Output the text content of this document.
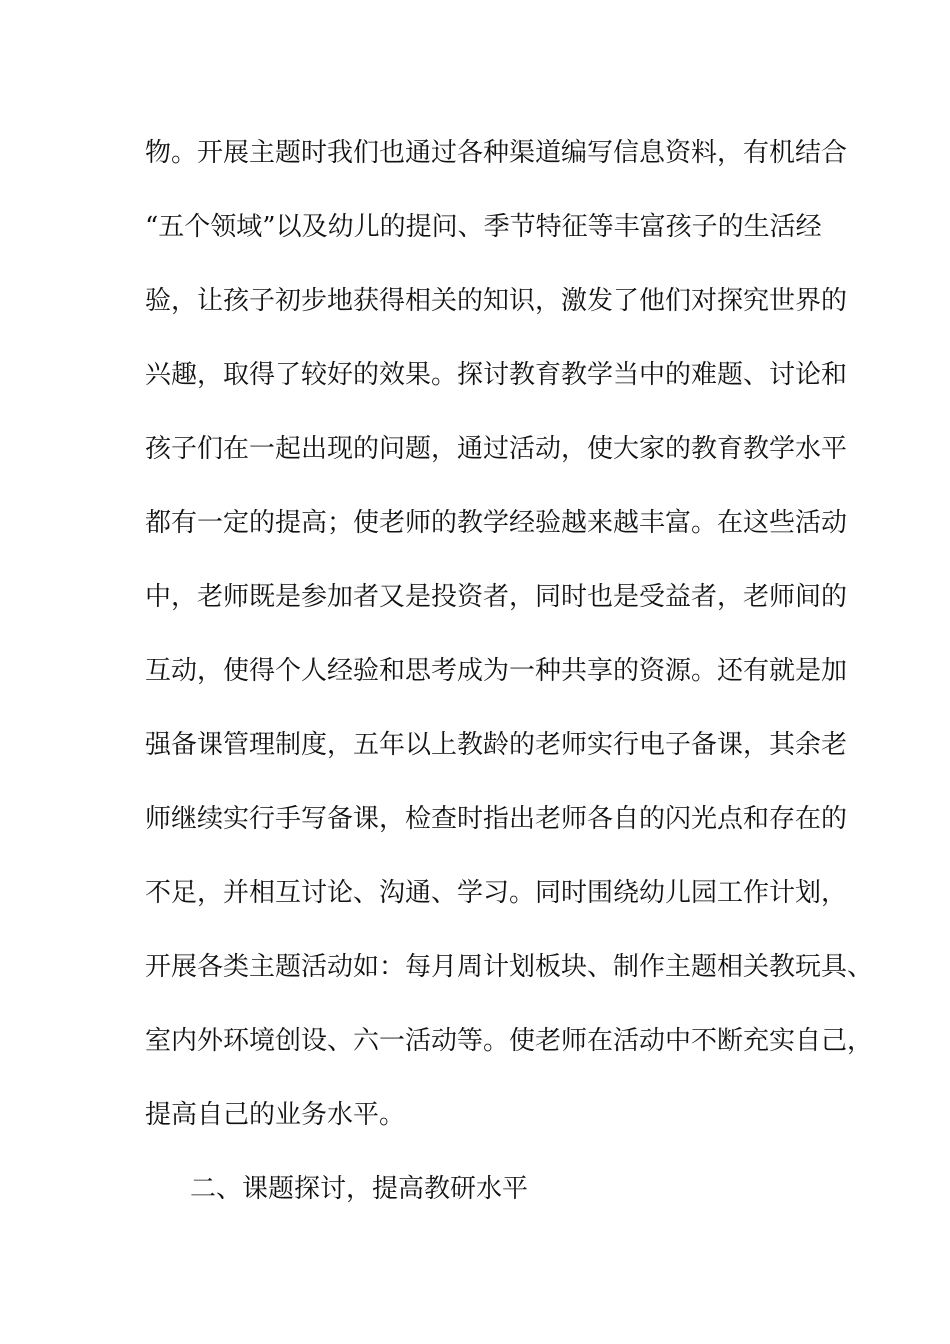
物。开展主题时我们也通过各种渠道编写信息资料，有机结合
“五个领域”以及幼儿的提问、季节特征等丰富孩子的生活经
验，让孩子初步地获得相关的知识，激发了他们对探究世界的
兴趣，取得了较好的效果。探讨教育教学当中的难题、讨论和
孩子们在一起出现的问题，通过活动，使大家的教育教学水平
都有一定的提高；使老师的教学经验越来越丰富。在这些活动
中，老师既是参加者又是投资者，同时也是受益者，老师间的
互动，使得个人经验和思考成为一种共享的资源。还有就是加
强备课管理制度，五年以上教龄的老师实行电子备课，其余老
师继续实行手写备课，检查时指出老师各自的闪光点和存在的
不足，并相互讨论、沟通、学习。同时围绕幼儿园工作计划，
开展各类主题活动如：每月周计划板块、制作主题相关教玩具、
室内外环境创设、六一活动等。使老师在活动中不断充实自己，
提高自己的业务水平。
二、课题探讨，提高教研水平
